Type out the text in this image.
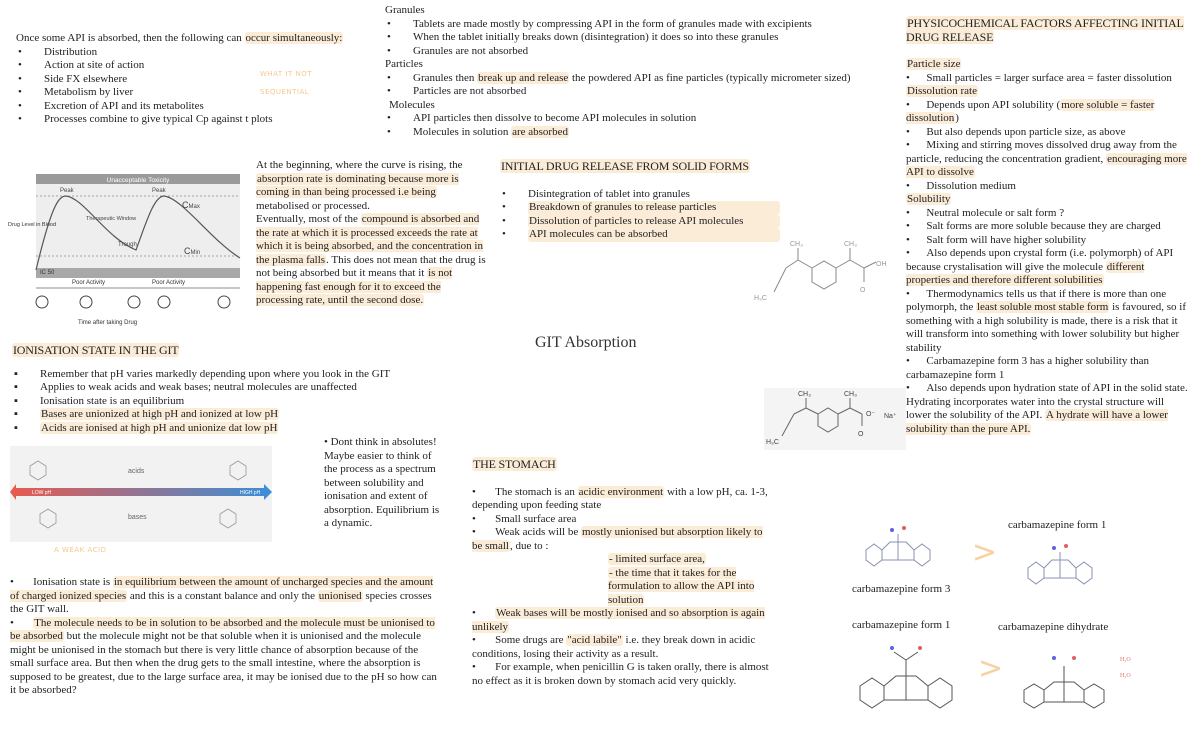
Once some API is absorbed, then the following can occur simultaneously:
• Distribution
• Action at site of action
• Side FX elsewhere
• Metabolism by liver
• Excretion of API and its metabolites
• Processes combine to give typical Cp against t plots
WHAT IT NOT
SEQUENTIAL
Granules
• Tablets are made mostly by compressing API in the form of granules made with excipients
• When the tablet initially breaks down (disintegration) it does so into these granules
• Granules are not absorbed
Particles
• Granules then break up and release the powdered API as fine particles (typically micrometer sized)
• Particles are not absorbed
Molecules
• API particles then dissolve to become API molecules in solution
• Molecules in solution are absorbed
Unacceptable Toxicity
Peak	Peak
Therapeutic Window
Trough
CMax
CMin
IC 50
Poor Activity	Poor Activity
Drug Level in Blood
Time after taking Drug
At the beginning, where the curve is rising, the absorption rate is dominating because more is coming in than being processed i.e being metabolised or processed.
Eventually, most of the compound is absorbed and the rate at which it is processed exceeds the rate at which it is being absorbed, and the concentration in the plasma falls. This does not mean that the drug is not being absorbed but it means that it is not happening fast enough for it to exceed the processing rate, until the second dose.
INITIAL DRUG RELEASE FROM SOLID FORMS
• Disintegration of tablet into granules
• Breakdown of granules to release particles
• Dissolution of particles to release API molecules
• API molecules can be absorbed
CH₃
CH₃
H₃C
OH
O
GIT Absorption
CH₃
CH₃
H₃C
O⁻
O
Na⁺
PHYSICOCHEMICAL FACTORS AFFECTING INITIAL DRUG RELEASE
Particle size
•      Small particles = larger surface area = faster dissolution
Dissolution rate
•      Depends upon API solubility (more soluble = faster dissolution)
•      But also depends upon particle size, as above
•      Mixing and stirring moves dissolved drug away from the particle, reducing the concentration gradient, encouraging more API to dissolve
•      Dissolution medium
Solubility
•      Neutral molecule or salt form ?
•      Salt forms are more soluble because they are charged
•      Salt form will have higher solubility
•      Also depends upon crystal form (i.e. polymorph) of API because crystalisation will give the molecule different properties and therefore different solubilities
•      Thermodynamics tells us that if there is more than one polymorph, the least soluble most stable form is favoured, so if something with a high solubility is made, there is a risk that it will transform into something with lower solubility but higher stability
•      Carbamazepine form 3 has a higher solubility than carbamazepine form 1
•      Also depends upon hydration state of API in the solid state. Hydrating incorporates water into the crystal structure will lower the solubility of the API. A hydrate will have a lower solubility than the pure API.
IONISATION STATE IN THE GIT
▪ Remember that pH varies markedly depending upon where you look in the GIT
▪ Applies to weak acids and weak bases; neutral molecules are unaffected
▪ Ionisation state is an equilibrium
▪ Bases are unionized at high pH and ionized at low pH
▪ Acids are ionised at high pH and unionize dat low pH
LOW pH	HIGH pH
acids
bases
A WEAK ACID
• Dont think in absolutes! Maybe easier to think of the process as a spectrum between solubility and ionisation and extent of absorption. Equilibrium is a dynamic.
•       Ionisation state is in equilibrium between the amount of uncharged species and the amount of charged ionized species and this is a constant balance and only the unionised species crosses the GIT wall.
•       The molecule needs to be in solution to be absorbed and the molecule must be unionised to be absorbed but the molecule might not be that soluble when it is unionised and the molecule might be unionised in the stomach but there is very little chance of absorption because of the small surface area. But then when the drug gets to the small intestine, where the absorption is supposed to be greatest, due to the large surface area, it may be ionised due to the pH so how can it be absorbed?
THE STOMACH
•       The stomach is an acidic environment with a low pH, ca. 1-3, depending upon feeding state
•       Small surface area
•       Weak acids will be mostly unionised but absorption likely to be small, due to :
- limited surface area,
- the time that it takes for the formulation to allow the API into solution
•       Weak bases will be mostly ionised and so absorption is again unlikely
•       Some drugs are "acid labile" i.e. they break down in acidic conditions, losing their activity as a result.
•       For example, when penicillin G is taken orally, there is almost no effect as it is broken down by stomach acid very quickly.
carbamazepine form 1
carbamazepine form 3
carbamazepine form 1	carbamazepine dihydrate
>
>	H₂O
H₂O
